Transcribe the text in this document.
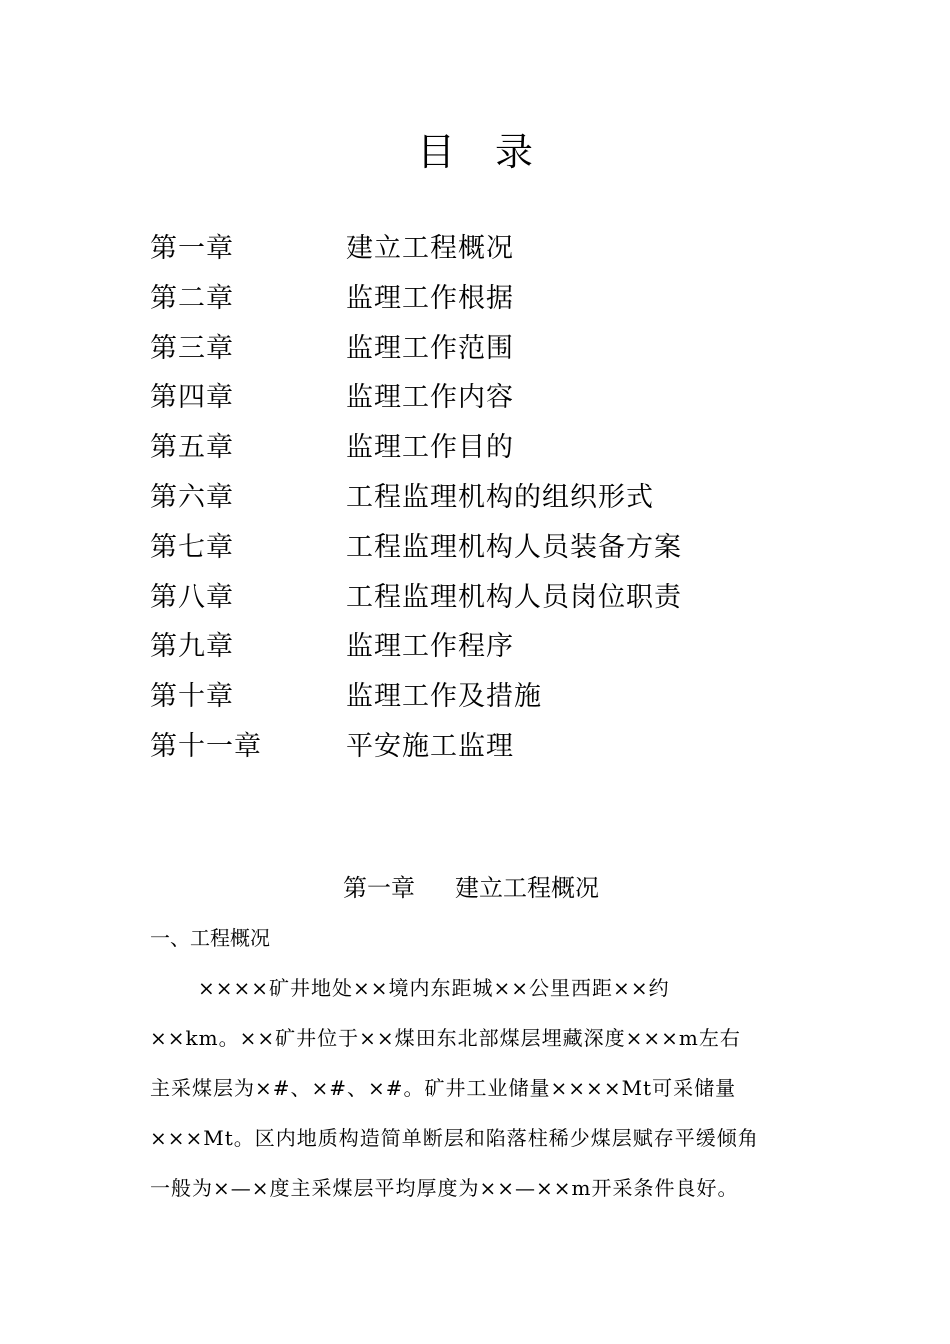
目 录
第一章	建立工程概况
第二章	监理工作根据
第三章	监理工作范围
第四章	监理工作内容
第五章	监理工作目的
第六章	工程监理机构的组织形式
第七章	工程监理机构人员装备方案
第八章	工程监理机构人员岗位职责
第九章	监理工作程序
第十章	监理工作及措施
第十一章	平安施工监理
第一章 建立工程概况
一、工程概况
××××矿井地处××境内东距城××公里西距××约
××km。××矿井位于××煤田东北部煤层埋藏深度×××m左右
主采煤层为×#、×#、×#。矿井工业储量××××Mt可采储量
×××Mt。区内地质构造简单断层和陷落柱稀少煤层赋存平缓倾角
一般为×—×度主采煤层平均厚度为××—××m开采条件良好。
